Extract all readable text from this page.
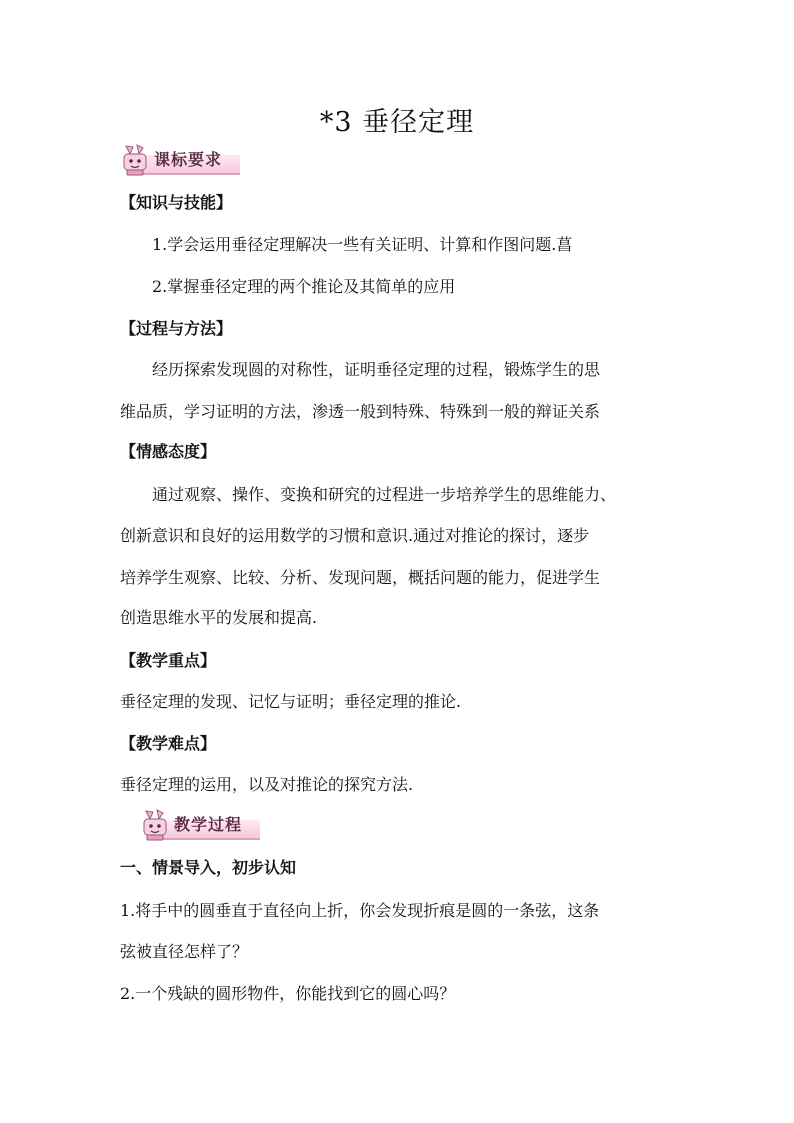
*3 垂径定理
课标要求
【知识与技能】
1.学会运用垂径定理解决一些有关证明、计算和作图问题.菖
2.掌握垂径定理的两个推论及其简单的应用
【过程与方法】
经历探索发现圆的对称性，证明垂径定理的过程，锻炼学生的思
维品质，学习证明的方法，渗透一般到特殊、特殊到一般的辩证关系
【情感态度】
通过观察、操作、变换和研究的过程进一步培养学生的思维能力、
创新意识和良好的运用数学的习惯和意识.通过对推论的探讨，逐步
培养学生观察、比较、分析、发现问题，概括问题的能力，促进学生
创造思维水平的发展和提高.
【教学重点】
垂径定理的发现、记忆与证明；垂径定理的推论.
【教学难点】
垂径定理的运用，以及对推论的探究方法.
教学过程
一、情景导入，初步认知
1.将手中的圆垂直于直径向上折，你会发现折痕是圆的一条弦，这条
弦被直径怎样了？
2.一个残缺的圆形物件，你能找到它的圆心吗？
